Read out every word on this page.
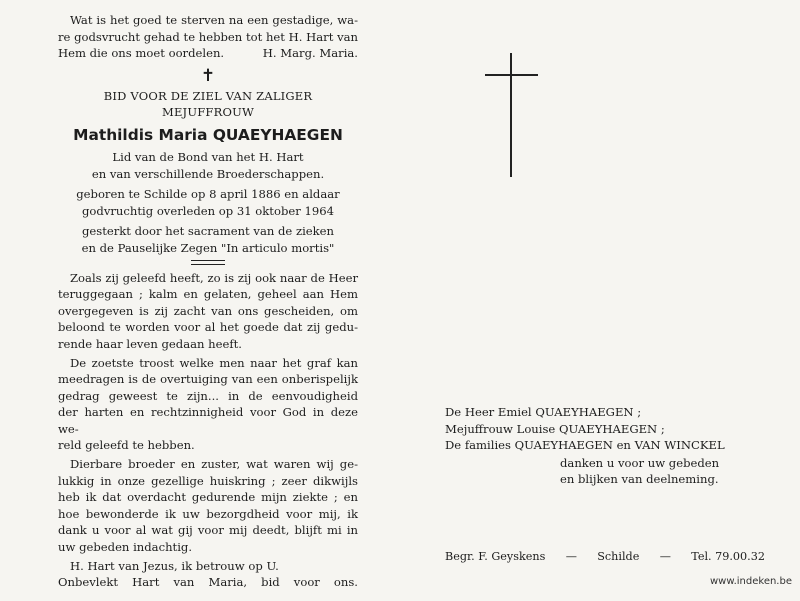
Wat is het goed te sterven na een gestadige, wa-
re godsvrucht gehad te hebben tot het H. Hart van
Hem die ons moet oordelen.	H. Marg. Maria.
✝
BID VOOR DE ZIEL VAN ZALIGER
MEJUFFROUW
Mathildis Maria QUAEYHAEGEN
Lid van de Bond van het H. Hart
en van verschillende Broederschappen.
geboren te Schilde op 8 april 1886 en aldaar
godvruchtig overleden op 31 oktober 1964
gesterkt door het sacrament van de zieken
en de Pauselijke Zegen "In articulo mortis"
Zoals zij geleefd heeft, zo is zij ook naar de Heer
teruggegaan ; kalm en gelaten, geheel aan Hem
overgegeven is zij zacht van ons gescheiden, om
beloond te worden voor al het goede dat zij gedu-
rende haar leven gedaan heeft.
De zoetste troost welke men naar het graf kan
meedragen is de overtuiging van een onberispelijk
gedrag geweest te zijn... in de eenvoudigheid
der harten en rechtzinnigheid voor God in deze we-
reld geleefd te hebben.
Dierbare broeder en zuster, wat waren wij ge-
lukkig in onze gezellige huiskring ; zeer dikwijls
heb ik dat overdacht gedurende mijn ziekte ; en
hoe bewonderde ik uw bezorgdheid voor mij, ik
dank u voor al wat gij voor mij deedt, blijft mi in
uw gebeden indachtig.
H. Hart van Jezus, ik betrouw op U.
Onbevlekt Hart van Maria, bid voor ons.
De Heer Emiel QUAEYHAEGEN ;
Mejuffrouw Louise QUAEYHAEGEN ;
De families QUAEYHAEGEN en VAN WINCKEL
danken u voor uw gebeden
en blijken van deelneming.
Begr. F. Geyskens — Schilde — Tel. 79.00.32
www.indeken.be
